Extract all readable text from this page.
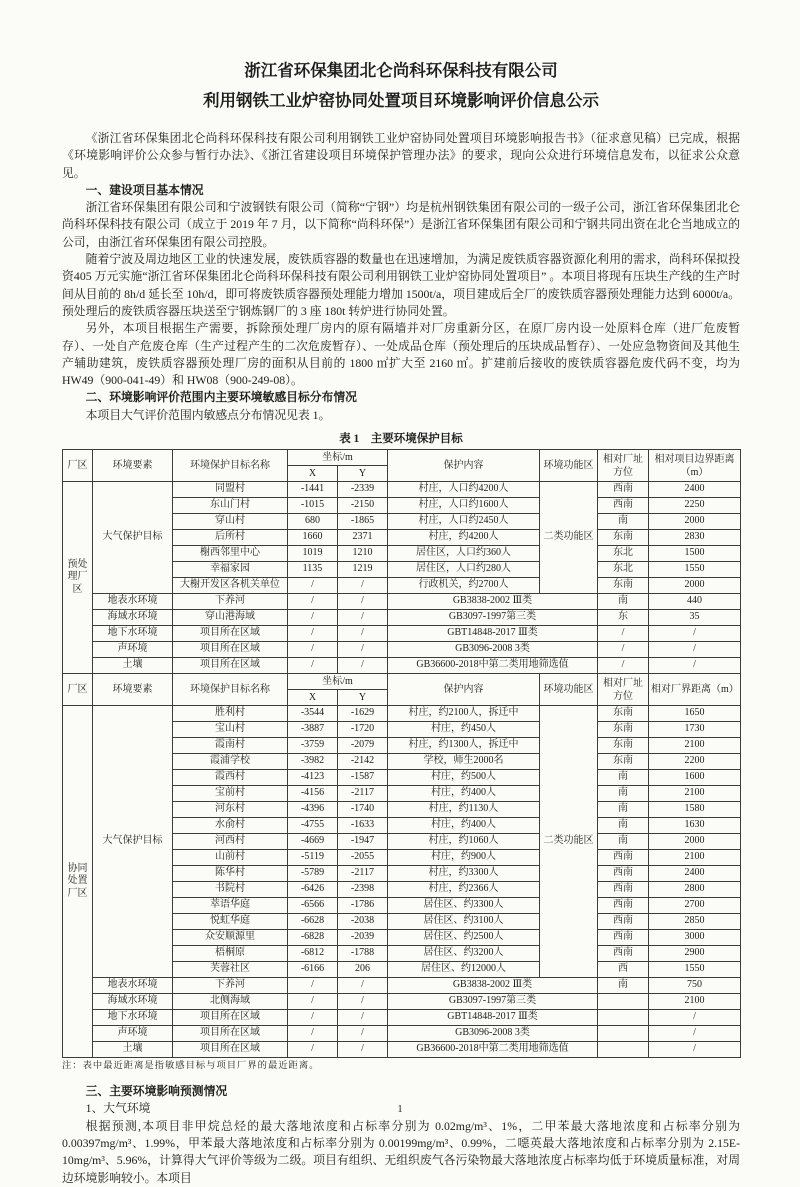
浙江省环保集团北仑尚科环保科技有限公司
利用钢铁工业炉窑协同处置项目环境影响评价信息公示

《浙江省环保集团北仑尚科环保科技有限公司利用钢铁工业炉窑协同处置项目环境影响报告书》（征求意见稿）已完成，根据《环境影响评价公众参与暂行办法》、《浙江省建设项目环境保护管理办法》的要求，现向公众进行环境信息发布，以征求公众意见。

一、建设项目基本情况

浙江省环保集团有限公司和宁波钢铁有限公司（简称“宁钢”）均是杭州钢铁集团有限公司的一级子公司，浙江省环保集团北仑尚科环保科技有限公司（成立于 2019 年 7 月，以下简称“尚科环保”）是浙江省环保集团有限公司和宁钢共同出资在北仑当地成立的公司，由浙江省环保集团有限公司控股。

随着宁波及周边地区工业的快速发展，废铁质容器的数量也在迅速增加，为满足废铁质容器资源化利用的需求，尚科环保拟投资405 万元实施“浙江省环保集团北仑尚科环保科技有限公司利用钢铁工业炉窑协同处置项目” 。本项目将现有压块生产线的生产时间从目前的 8h/d 延长至 10h/d，即可将废铁质容器预处理能力增加 1500t/a，项目建成后全厂的废铁质容器预处理能力达到 6000t/a。预处理后的废铁质容器压块送至宁钢炼钢厂的 3 座 180t 转炉进行协同处置。

另外，本项目根据生产需要，拆除预处理厂房内的原有隔墙并对厂房重新分区，在原厂房内设一处原料仓库（进厂危废暂存）、一处自产危废仓库（生产过程产生的二次危废暂存）、一处成品仓库（预处理后的压块成品暂存）、一处应急物资间及其他生产辅助建筑，废铁质容器预处理厂房的面积从目前的 1800 ㎡扩大至 2160 ㎡。扩建前后接收的废铁质容器危废代码不变，均为 HW49（900-041-49）和 HW08（900-249-08）。

二、环境影响评价范围内主要环境敏感目标分布情况

本项目大气评价范围内敏感点分布情况见表 1。

表 1　主要环境保护目标
厂区	环境要素	环境保护目标名称	坐标/m		保护内容	环境功能区	相对厂址方位	相对项目边界距离（m）
			X	Y				
预处理厂区	大气保护目标	同盟村	-1441	-2339	村庄，人口约4200人	二类功能区	西南	2400
		东山门村	-1015	-2150	村庄，人口约1600人		西南	2250
		穿山村	680	-1865	村庄，人口约2450人		南	2000
		后所村	1660	2371	村庄，约4200人		东南	2830
		榭西邻里中心	1019	1210	居住区，人口约360人		东北	1500
		幸福家园	1135	1219	居住区，人口约280人		东北	1550
		大榭开发区各机关单位	/	/	行政机关，约2700人		东南	2000
	地表水环境	下养河	/	/	GB3838-2002 Ⅲ类		南	440
	海域水环境	穿山港海域	/	/	GB3097-1997第三类		东	35
	地下水环境	项目所在区域	/	/	GBT14848-2017 Ⅲ类		/	/
	声环境	项目所在区域	/	/	GB3096-2008 3类		/	/
	土壤	项目所在区域	/	/	GB36600-2018中第二类用地筛选值		/	/
厂区	环境要素	环境保护目标名称	坐标/m		保护内容	环境功能区	相对厂址方位	相对厂界距离（m）
			X	Y				
协同处置厂区	大气保护目标	胜利村	-3544	-1629	村庄，约2100人，拆迁中	二类功能区	东南	1650
		宝山村	-3887	-1720	村庄，约450人		东南	1730
		霞南村	-3759	-2079	村庄，约1300人，拆迁中		东南	2100
		霞浦学校	-3982	-2142	学校，师生2000名		东南	2200
		霞西村	-4123	-1587	村庄，约500人		南	1600
		宝前村	-4156	-2117	村庄，约400人		南	2100
		河东村	-4396	-1740	村庄，约1130人		南	1580
		水俞村	-4755	-1633	村庄，约400人		南	1630
		河西村	-4669	-1947	村庄，约1060人		南	2000
		山前村	-5119	-2055	村庄，约900人		西南	2100
		陈华村	-5789	-2117	村庄，约3300人		西南	2400
		书院村	-6426	-2398	村庄，约2366人		西南	2800
		萃语华庭	-6566	-1786	居住区、约3300人		西南	2700
		悦虹华庭	-6628	-2038	居住区、约3100人		西南	2850
		众安顺源里	-6828	-2039	居住区、约2500人		西南	3000
		梧桐原	-6812	-1788	居住区、约3200人		西南	2900
		芙蓉社区	-6166	206	居住区、约12000人		西	1550
	地表水环境	下养河	/	/	GB3838-2002 Ⅲ类		南	750
	海域水环境	北侧海域	/	/	GB3097-1997第三类			2100
	地下水环境	项目所在区域	/	/	GBT14848-2017 Ⅲ类			/
	声环境	项目所在区域	/	/	GB3096-2008 3类			/
	土壤	项目所在区域	/	/	GB36600-2018中第二类用地筛选值			/

注：表中最近距离是指敏感目标与项目厂界的最近距离。

三、主要环境影响预测情况

1、大气环境

根据预测,本项目非甲烷总烃的最大落地浓度和占标率分别为 0.02mg/m³、1%，二甲苯最大落地浓度和占标率分别为 0.00397mg/m³、1.99%，甲苯最大落地浓度和占标率分别为 0.00199mg/m³、0.99%，二噁英最大落地浓度和占标率分别为 2.15E-10mg/m³、5.96%，计算得大气评价等级为二级。项目有组织、无组织废气各污染物最大落地浓度占标率均低于环境质量标准，对周边环境影响较小。本项目

1
